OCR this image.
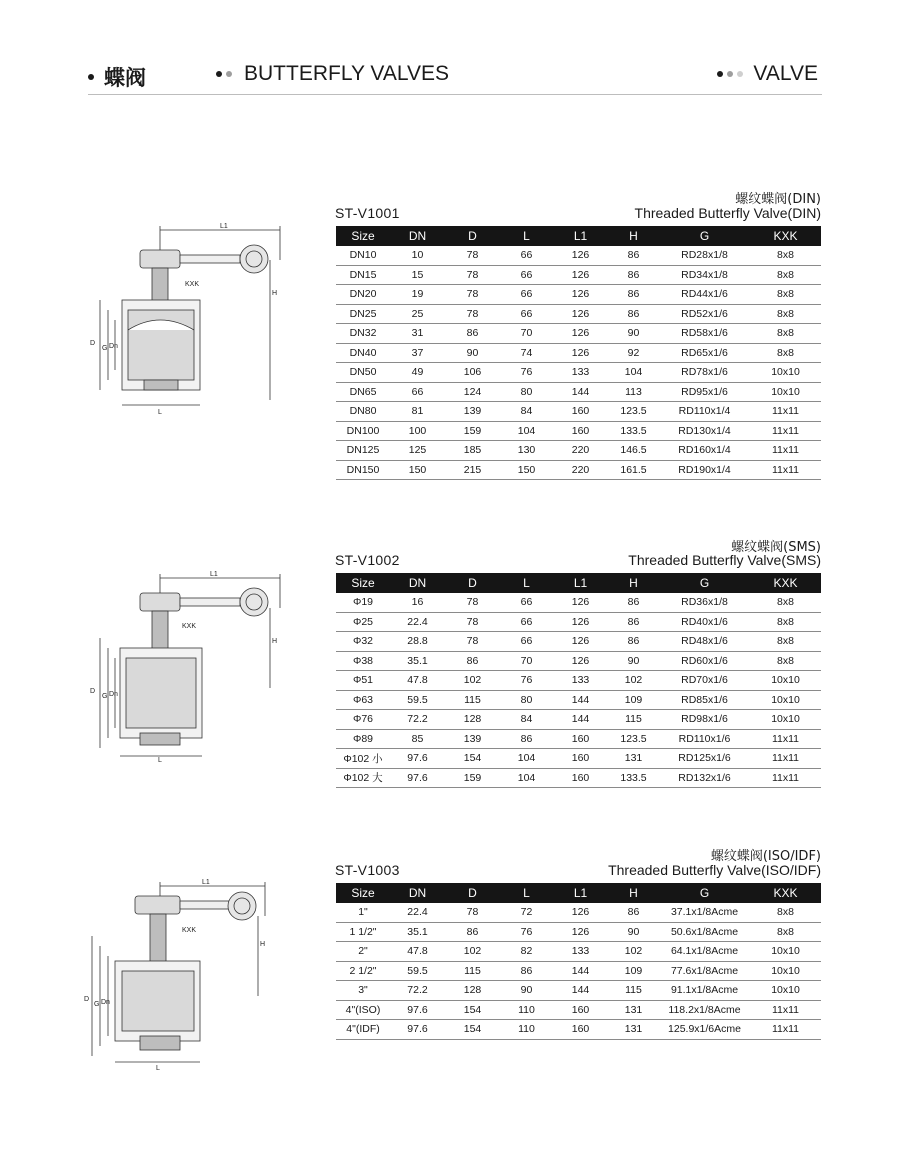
蝶阀	BUTTERFLY VALVES	VALVE
螺纹蝶阀(DIN)
ST-V1001	Threaded Butterfly Valve(DIN)
Size	DN	D	L	L1	H	G	KXK
DN10	10	78	66	126	86	RD28x1/8	8x8
DN15	15	78	66	126	86	RD34x1/8	8x8
DN20	19	78	66	126	86	RD44x1/6	8x8
DN25	25	78	66	126	86	RD52x1/6	8x8
DN32	31	86	70	126	90	RD58x1/6	8x8
DN40	37	90	74	126	92	RD65x1/6	8x8
DN50	49	106	76	133	104	RD78x1/6	10x10
DN65	66	124	80	144	113	RD95x1/6	10x10
DN80	81	139	84	160	123.5	RD110x1/4	11x11
DN100	100	159	104	160	133.5	RD130x1/4	11x11
DN125	125	185	130	220	146.5	RD160x1/4	11x11
DN150	150	215	150	220	161.5	RD190x1/4	11x11
螺纹蝶阀(SMS)
ST-V1002	Threaded Butterfly Valve(SMS)
Size	DN	D	L	L1	H	G	KXK
Φ19	16	78	66	126	86	RD36x1/8	8x8
Φ25	22.4	78	66	126	86	RD40x1/6	8x8
Φ32	28.8	78	66	126	86	RD48x1/6	8x8
Φ38	35.1	86	70	126	90	RD60x1/6	8x8
Φ51	47.8	102	76	133	102	RD70x1/6	10x10
Φ63	59.5	115	80	144	109	RD85x1/6	10x10
Φ76	72.2	128	84	144	115	RD98x1/6	10x10
Φ89	85	139	86	160	123.5	RD110x1/6	11x11
Φ102 小	97.6	154	104	160	131	RD125x1/6	11x11
Φ102 大	97.6	159	104	160	133.5	RD132x1/6	11x11
螺纹蝶阀(ISO/IDF)
ST-V1003	Threaded Butterfly Valve(ISO/IDF)
Size	DN	D	L	L1	H	G	KXK
1"	22.4	78	72	126	86	37.1x1/8Acme	8x8
1 1/2"	35.1	86	76	126	90	50.6x1/8Acme	8x8
2"	47.8	102	82	133	102	64.1x1/8Acme	10x10
2 1/2"	59.5	115	86	144	109	77.6x1/8Acme	10x10
3"	72.2	128	90	144	115	91.1x1/8Acme	10x10
4"(ISO)	97.6	154	110	160	131	118.2x1/8Acme	11x11
4"(IDF)	97.6	154	110	160	131	125.9x1/6Acme	11x11
L1
H
KXK
D
G Dn
L
L1
H
KXK
D
G Dn
L
L1
H
KXK
D
G Dn
L
